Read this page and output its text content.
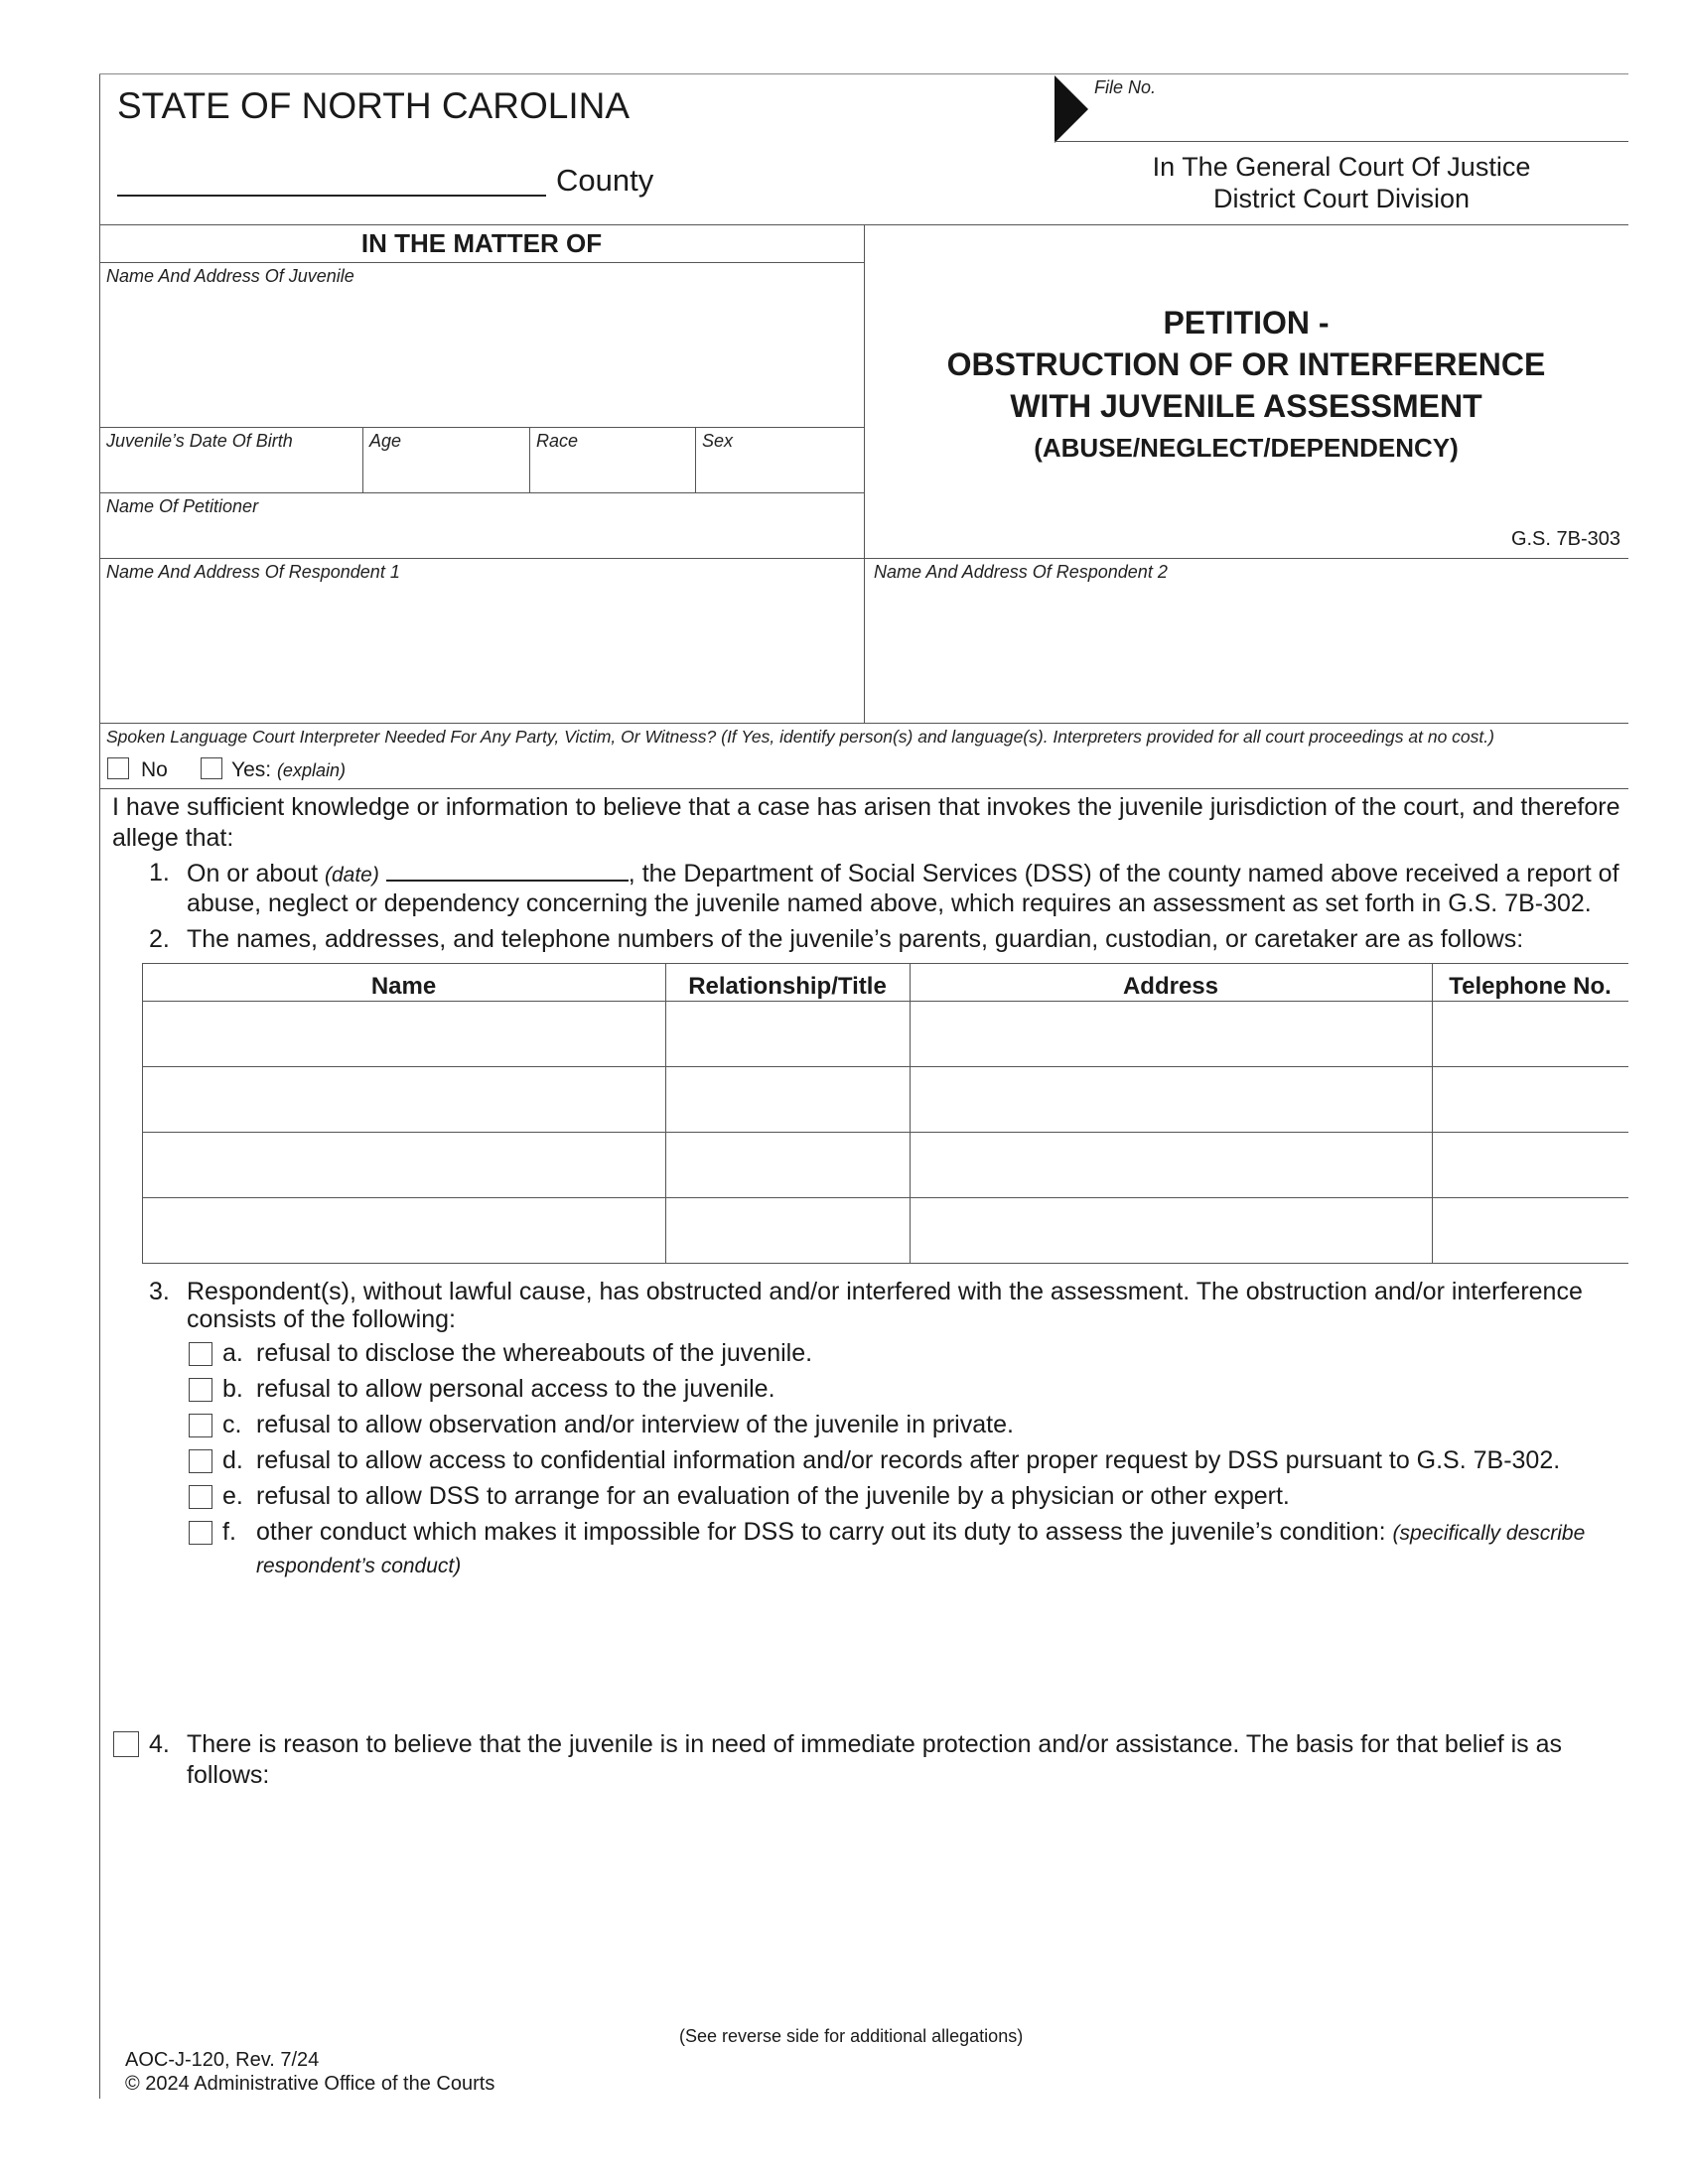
STATE OF NORTH CAROLINA
County
File No.
In The General Court Of Justice
District Court Division
IN THE MATTER OF
Name And Address Of Juvenile
Juvenile’s Date Of Birth	Age	Race	Sex
Name Of Petitioner
PETITION -
OBSTRUCTION OF OR INTERFERENCE
WITH JUVENILE ASSESSMENT
(ABUSE/NEGLECT/DEPENDENCY)
G.S. 7B-303
Name And Address Of Respondent 1	Name And Address Of Respondent 2
Spoken Language Court Interpreter Needed For Any Party, Victim, Or Witness? (If Yes, identify person(s) and language(s). Interpreters provided for all court proceedings at no cost.)
No	Yes: (explain)
I have sufficient knowledge or information to believe that a case has arisen that invokes the juvenile jurisdiction of the court, and therefore
allege that:
1. On or about (date)	, the Department of Social Services (DSS) of the county named above received a report of
abuse, neglect or dependency concerning the juvenile named above, which requires an assessment as set forth in G.S. 7B-302.
2. The names, addresses, and telephone numbers of the juvenile’s parents, guardian, custodian, or caretaker are as follows:
Name	Relationship/Title	Address	Telephone No.
3. Respondent(s), without lawful cause, has obstructed and/or interfered with the assessment. The obstruction and/or interference
consists of the following:
a. refusal to disclose the whereabouts of the juvenile.
b. refusal to allow personal access to the juvenile.
c. refusal to allow observation and/or interview of the juvenile in private.
d. refusal to allow access to confidential information and/or records after proper request by DSS pursuant to G.S. 7B-302.
e. refusal to allow DSS to arrange for an evaluation of the juvenile by a physician or other expert.
f. other conduct which makes it impossible for DSS to carry out its duty to assess the juvenile’s condition: (specifically describe
respondent’s conduct)
4. There is reason to believe that the juvenile is in need of immediate protection and/or assistance. The basis for that belief is as
follows:
(See reverse side for additional allegations)
AOC-J-120, Rev. 7/24
© 2024 Administrative Office of the Courts
